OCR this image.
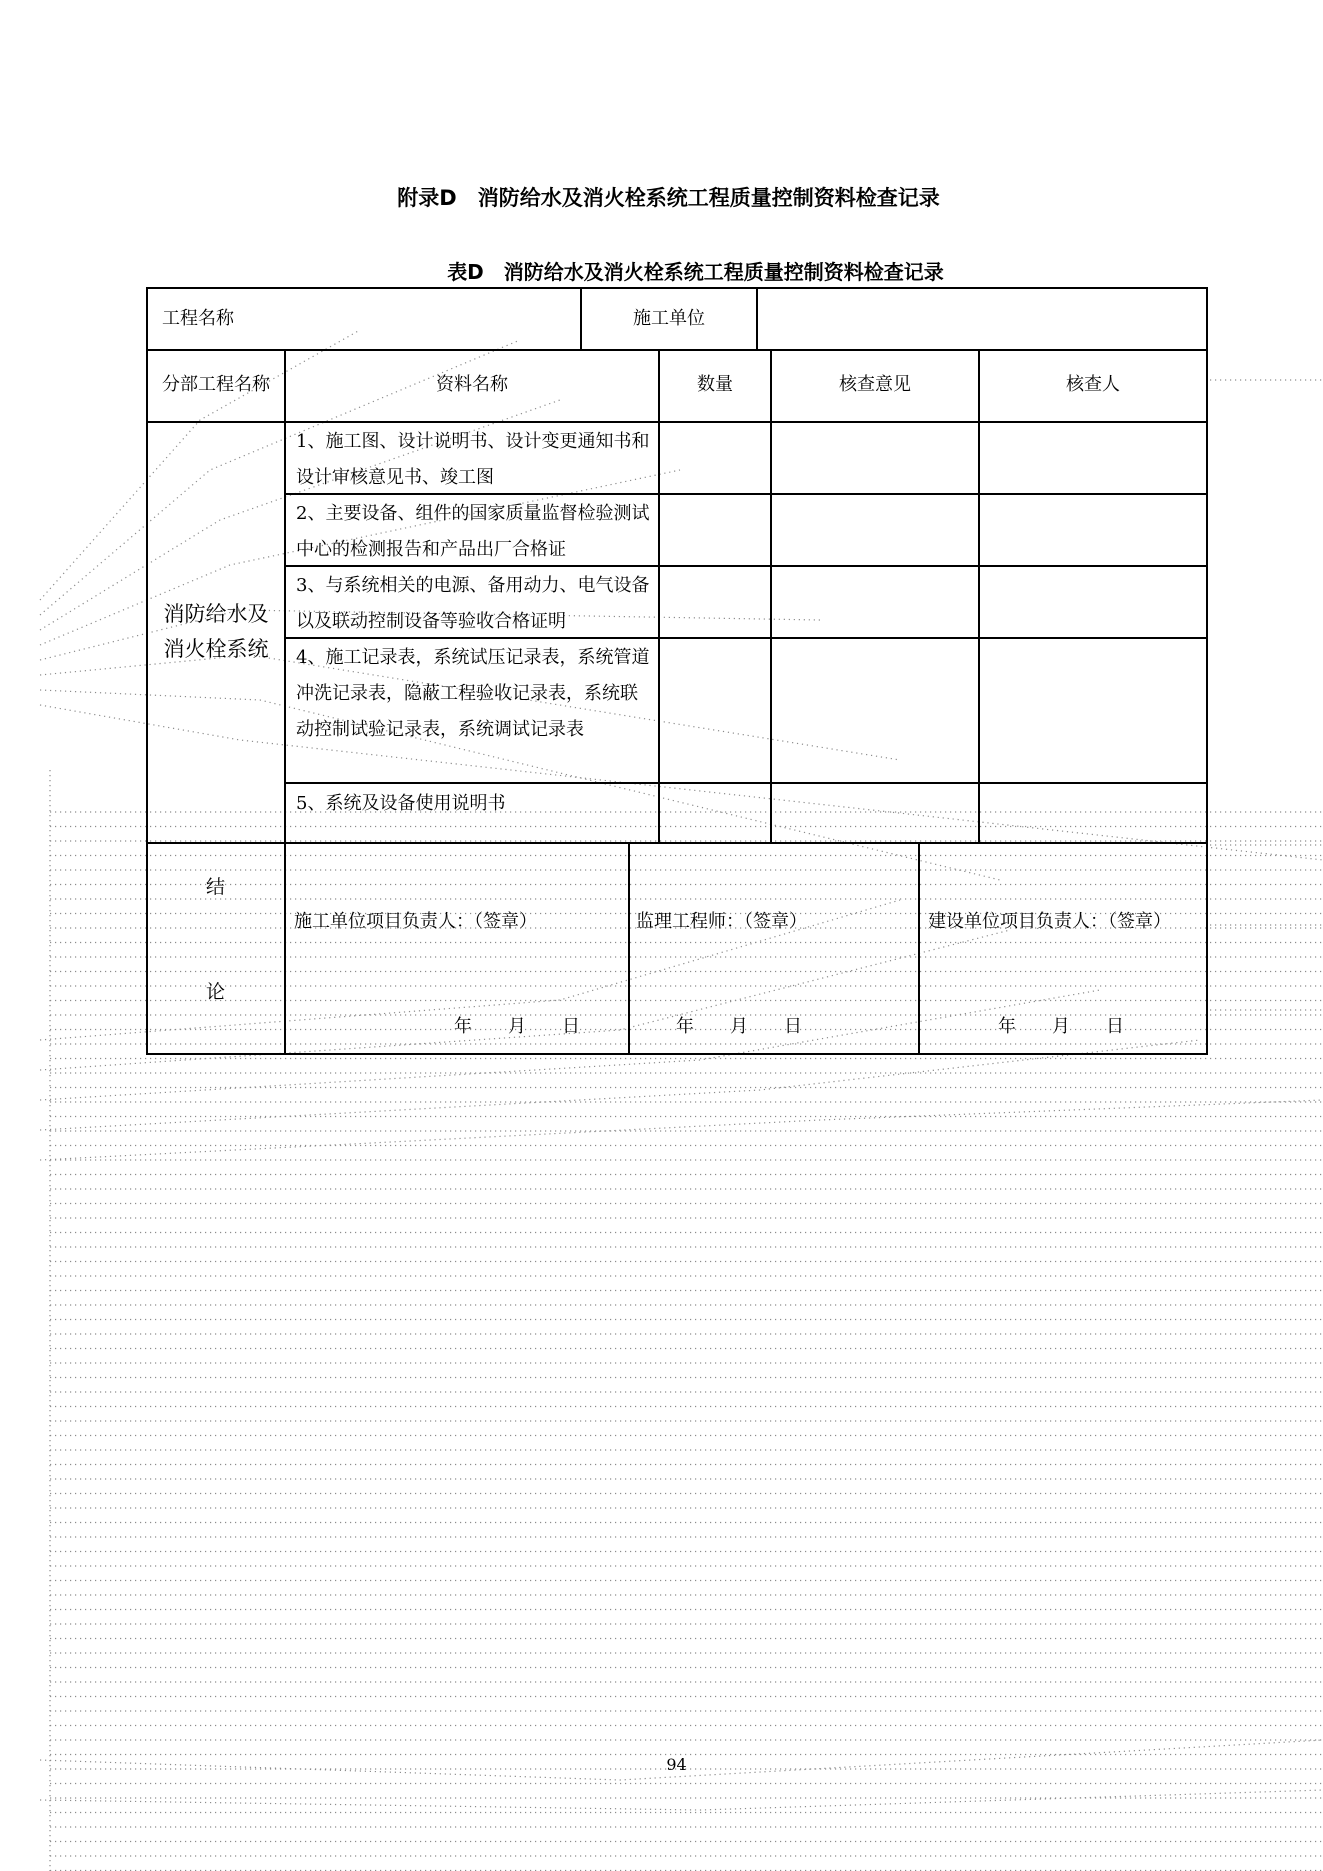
附录D　消防给水及消火栓系统工程质量控制资料检查记录
表D　消防给水及消火栓系统工程质量控制资料检查记录
工程名称	施工单位
分部工程名称	资料名称	数量	核查意见	核查人
消防给水及消火栓系统
1、施工图、设计说明书、设计变更通知书和设计审核意见书、竣工图
2、主要设备、组件的国家质量监督检验测试中心的检测报告和产品出厂合格证
3、与系统相关的电源、备用动力、电气设备以及联动控制设备等验收合格证明
4、施工记录表，系统试压记录表，系统管道冲洗记录表，隐蔽工程验收记录表，系统联动控制试验记录表，系统调试记录表
5、系统及设备使用说明书
结
论
施工单位项目负责人：（签章）	监理工程师：（签章）	建设单位项目负责人：（签章）
年　　月　　日	年　　月　　日	年　　月　　日
94
